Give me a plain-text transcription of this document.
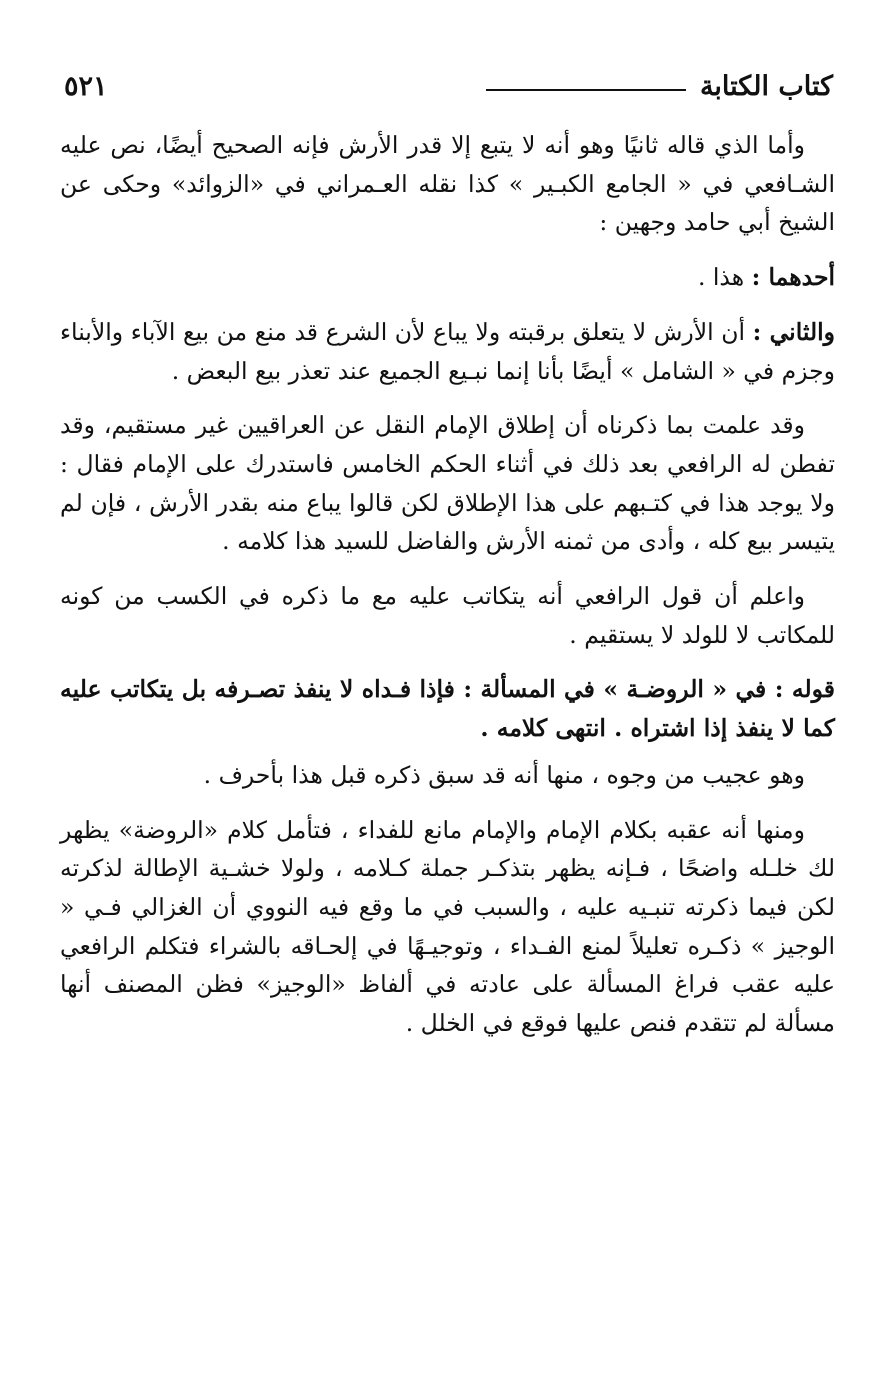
كتاب الكتابة
٥٢١

وأما الذي قاله ثانيًا وهو أنه لا يتبع إلا قدر الأرش فإنه الصحيح أيضًا، نص عليه الشـافعي في « الجامع الكبـير » كذا نقله العـمراني في «الزوائد» وحكى عن الشيخ أبي حامد وجهين :

أحدهما : هذا .

والثاني : أن الأرش لا يتعلق برقبته ولا يباع لأن الشرع قد منع من بيع الآباء والأبناء وجزم في « الشامل » أيضًا بأنا إنما نبـيع الجميع عند تعذر بيع البعض .

وقد علمت بما ذكرناه أن إطلاق الإمام النقل عن العراقيين غير مستقيم، وقد تفطن له الرافعي بعد ذلك في أثناء الحكم الخامس فاستدرك على الإمام فقال : ولا يوجد هذا في كتـبهم على هذا الإطلاق لكن قالوا يباع منه بقدر الأرش ، فإن لم يتيسر بيع كله ، وأدى من ثمنه الأرش والفاضل للسيد هذا كلامه .

واعلم أن قول الرافعي أنه يتكاتب عليه مع ما ذكره في الكسب من كونه للمكاتب لا للولد لا يستقيم .

قوله : في « الروضـة » في المسألة : فإذا فـداه لا ينفذ تصـرفه بل يتكاتب عليه كما لا ينفذ إذا اشتراه . انتهى كلامه .

وهو عجيب من وجوه ، منها أنه قد سبق ذكره قبل هذا بأحرف .

ومنها أنه عقبه بكلام الإمام والإمام مانع للفداء ، فتأمل كلام «الروضة» يظهر لك خلـله واضحًا ، فـإنه يظهر بتذكـر جملة كـلامه ، ولولا خشـية الإطالة لذكرته لكن فيما ذكرته تنبـيه عليه ، والسبب في ما وقع فيه النووي أن الغزالي فـي « الوجيز » ذكـره تعليلاً لمنع الفـداء ، وتوجيـهًا في إلحـاقه بالشراء فتكلم الرافعي عليه عقب فراغ المسألة على عادته في ألفاظ «الوجيز» فظن المصنف أنها مسألة لم تتقدم فنص عليها فوقع في الخلل .
